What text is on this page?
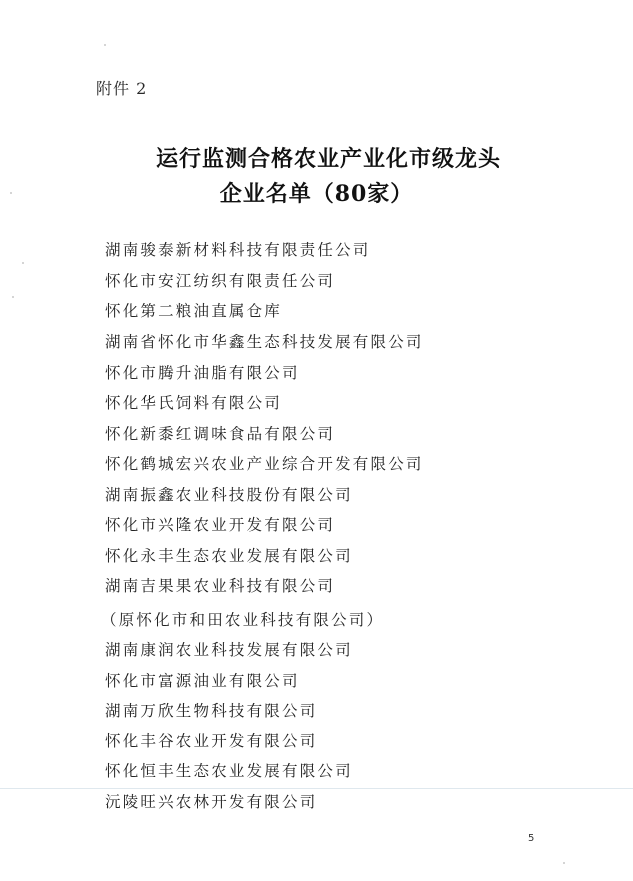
附件 2
运行监测合格农业产业化市级龙头
企业名单（80家）
湖南骏泰新材料科技有限责任公司
怀化市安江纺织有限责任公司
怀化第二粮油直属仓库
湖南省怀化市华鑫生态科技发展有限公司
怀化市腾升油脂有限公司
怀化华氏饲料有限公司
怀化新黍红调味食品有限公司
怀化鹤城宏兴农业产业综合开发有限公司
湖南振鑫农业科技股份有限公司
怀化市兴隆农业开发有限公司
怀化永丰生态农业发展有限公司
湖南吉果果农业科技有限公司
（原怀化市和田农业科技有限公司）
湖南康润农业科技发展有限公司
怀化市富源油业有限公司
湖南万欣生物科技有限公司
怀化丰谷农业开发有限公司
怀化恒丰生态农业发展有限公司
沅陵旺兴农林开发有限公司
5
